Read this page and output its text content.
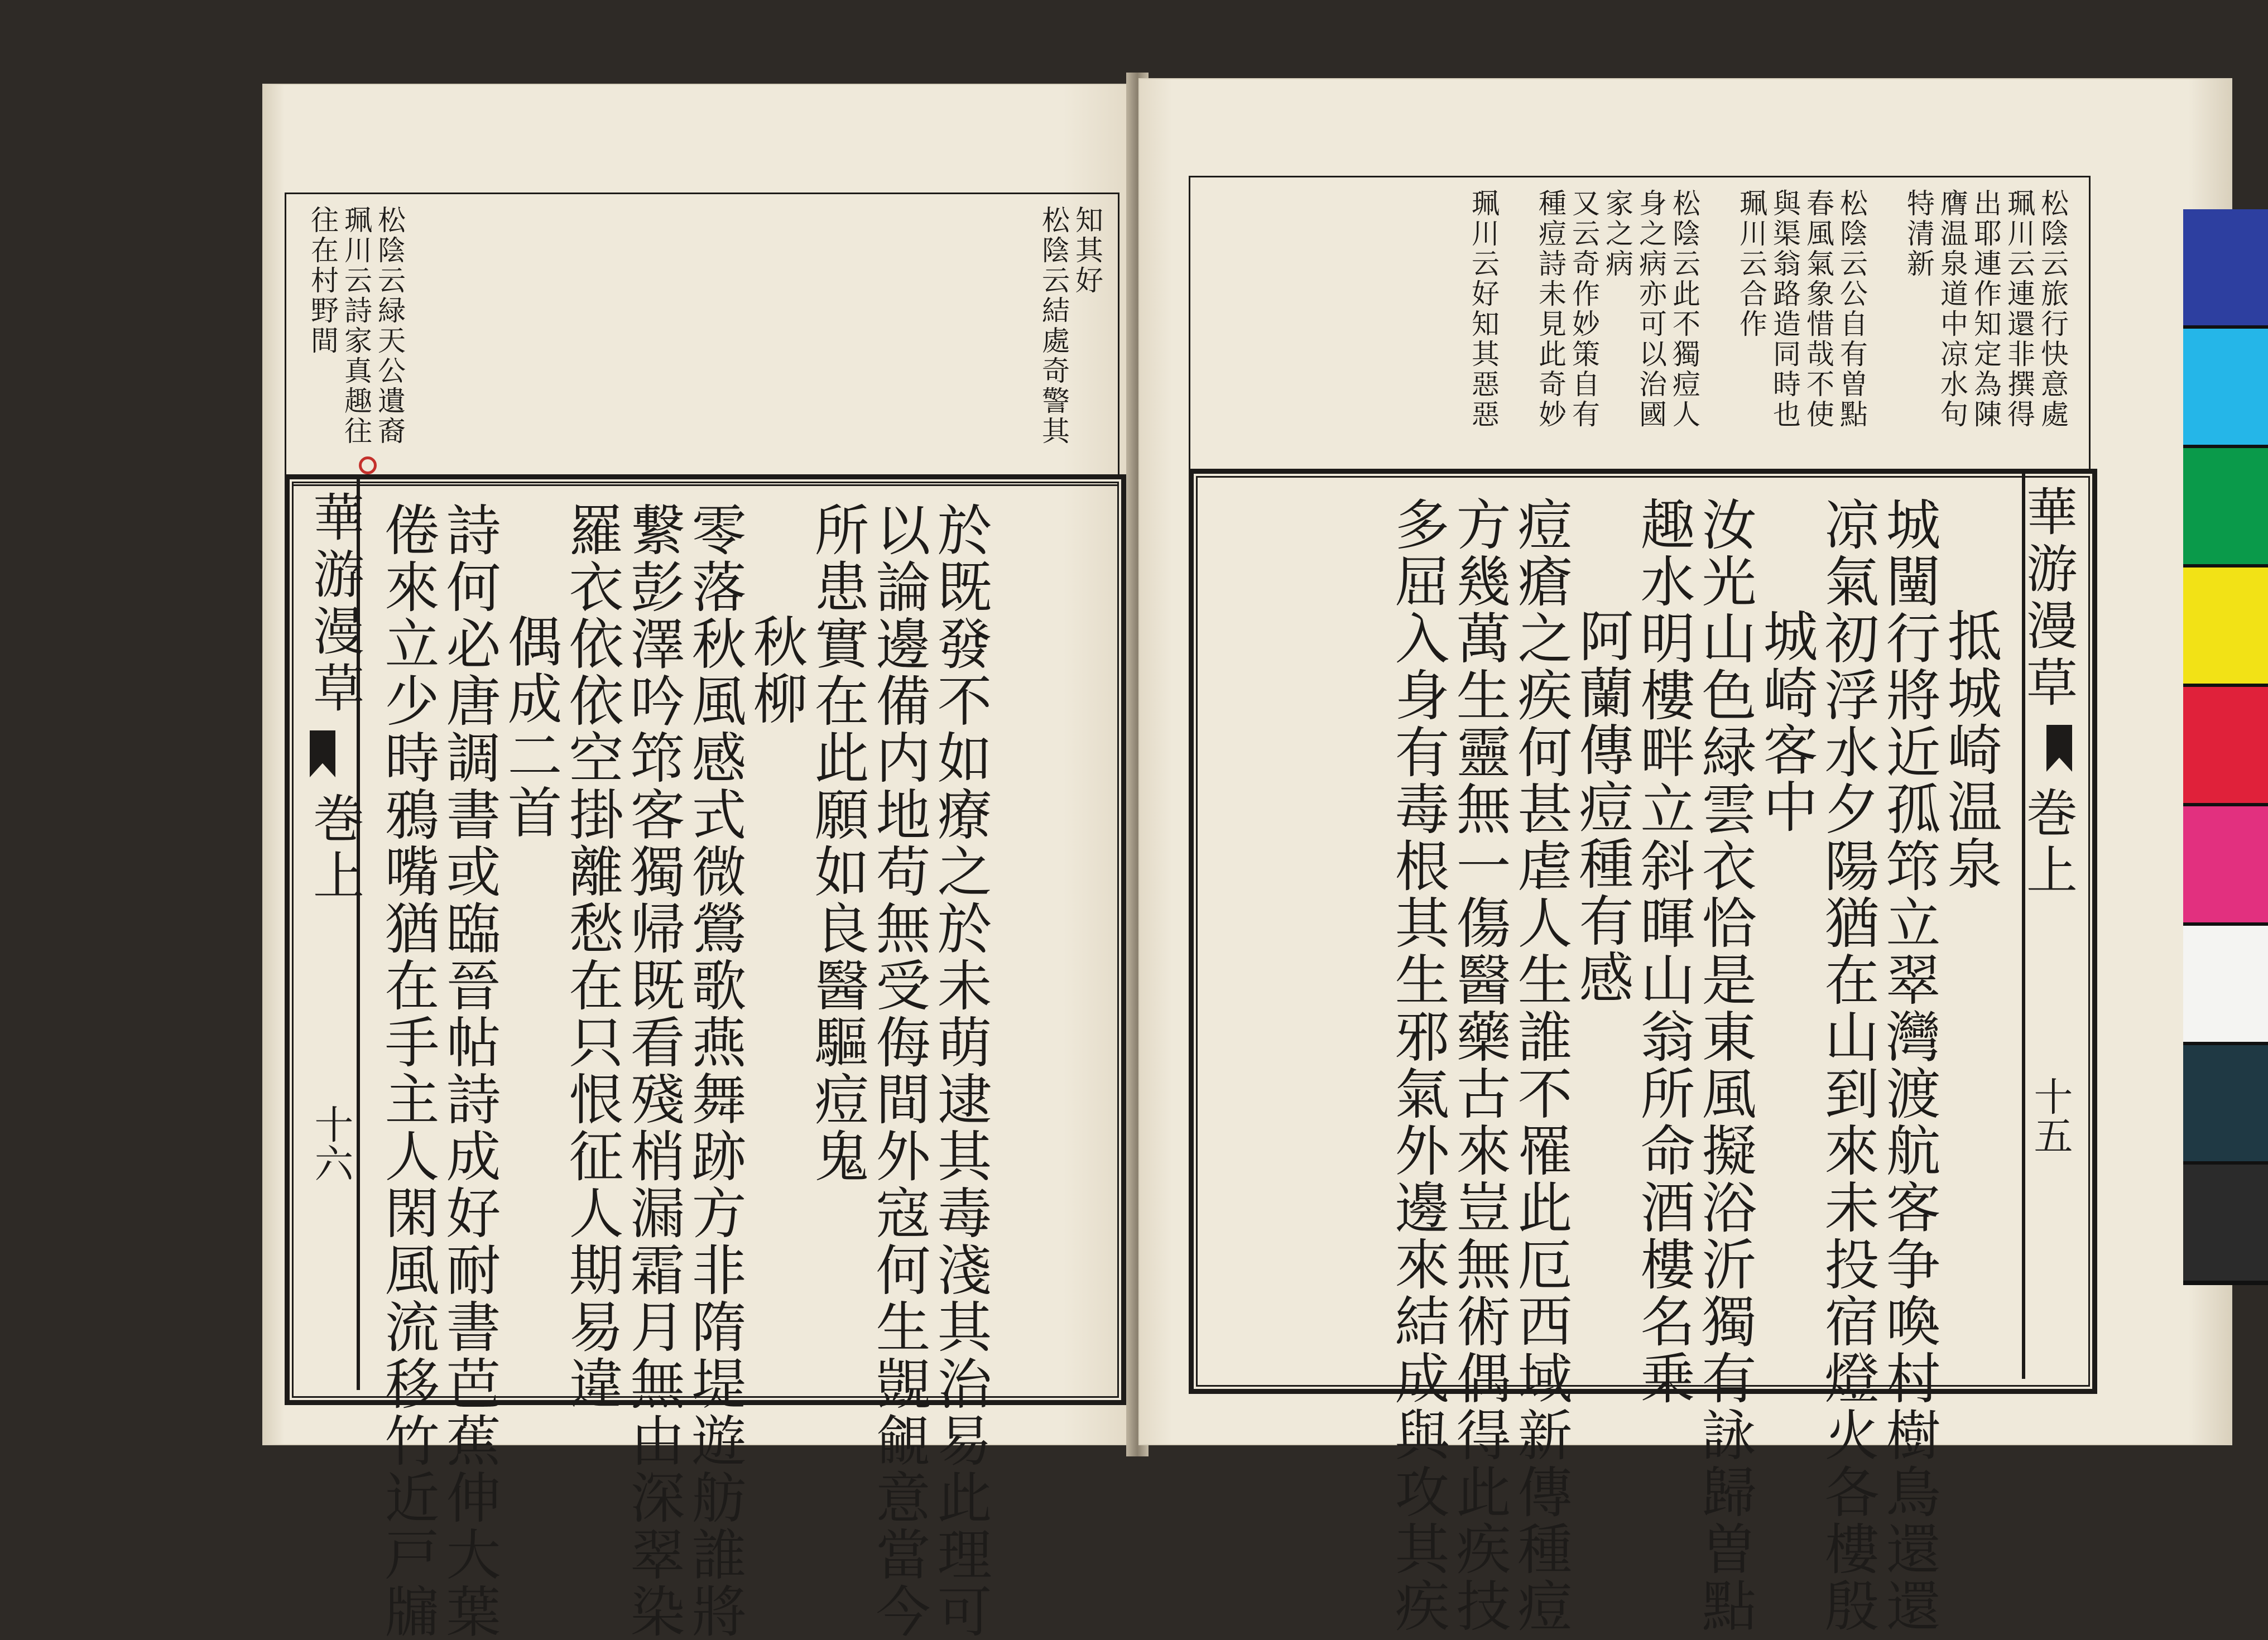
知其好
松陰云結處奇警其
松陰云緑天公遺裔
珮川云詩家真趣往
往在村野間
於既發不如療之於未萌逮其毒淺其治易此理可
以論邊備内地苟無受侮間外寇何生覬覦意當今
所患實在此願如良醫驅痘鬼
秋柳
零落秋風感式微鶯歌燕舞跡方非隋堤遊舫誰將
繋彭澤吟筇客獨帰既看殘梢漏霜月無由深翠染
羅衣依依空掛離愁在只恨征人期易違
偶成二首
詩何必唐調書或臨晉帖詩成好耐書芭蕉伸大葉
倦來立少時鴉嘴猶在手主人閑風流移竹近戸牖
華游漫草
巻上
十六
松陰云旅行快意處
珮川云連還非撰得
出耶連作知定為陳
膺温泉道中凉水句
特清新
松陰云公自有曽點
春風氣象惜哉不使
與渠翁路造同時也
珮川云合作
松陰云此不獨痘人
身之病亦可以治國
家之病
又云奇作妙策自有
種痘詩未見此奇妙
珮川云好知其惡惡
抵城崎温泉
城闉行將近孤筇立翠灣渡航客争喚村樹鳥還還
凉氣初浮水夕陽猶在山到來未投宿燈火各樓殷
城崎客中
汝光山色緑雲衣恰是東風擬浴沂獨有詠歸曽點
趣水明樓畔立斜暉山翁所命酒樓名乗
阿蘭傳痘種有感
痘瘡之疾何甚虐人生誰不罹此厄西域新傳種痘
方幾萬生靈無一傷醫藥古來豈無術偶得此疾技
多屈入身有毒根其生邪氣外邊來結成與攻其疾	華游漫草
巻上
十五
